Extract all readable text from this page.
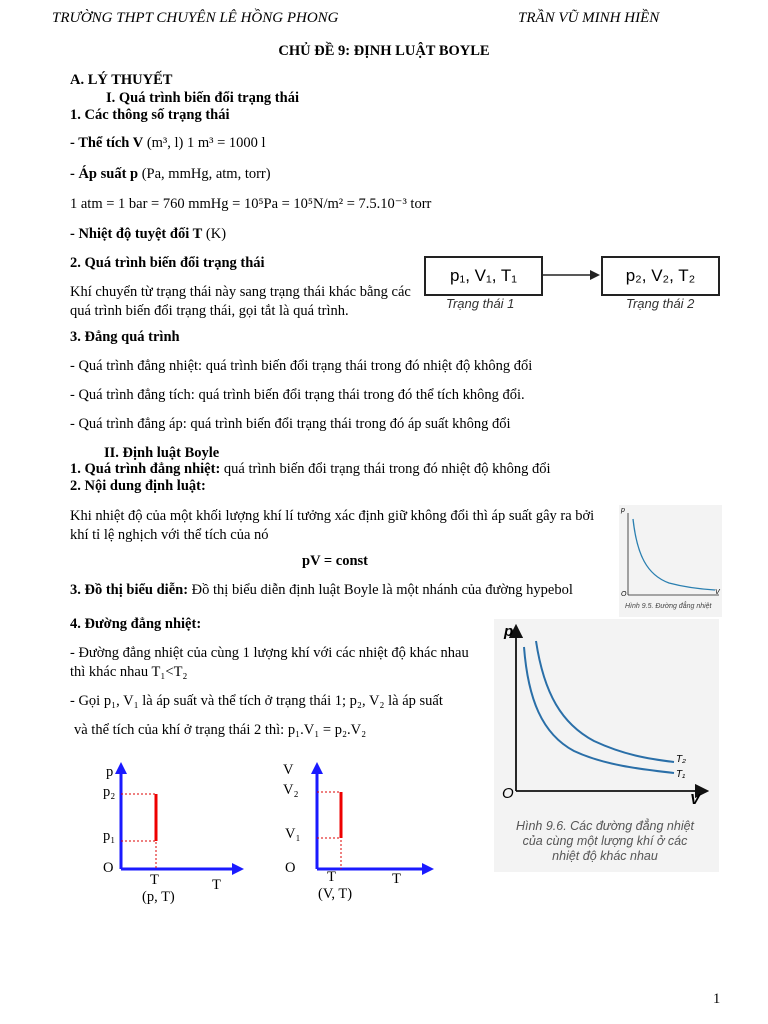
TRƯỜNG THPT CHUYÊN LÊ HỒNG PHONG	TRẦN VŨ MINH HIỀN
CHỦ ĐỀ 9: ĐỊNH LUẬT BOYLE
A. LÝ THUYẾT
I. Quá trình biến đổi trạng thái
1. Các thông số trạng thái
- Thể tích V (m³, l) 1 m³ = 1000 l
- Áp suất p (Pa, mmHg, atm, torr)
1 atm = 1 bar = 760 mmHg = 10⁵Pa = 10⁵N/m² = 7.5.10⁻³ torr
- Nhiệt độ tuyệt đối T (K)
2. Quá trình biến đổi trạng thái
Khí chuyển từ trạng thái này sang trạng thái khác bằng các quá trình biến đổi trạng thái, gọi tắt là quá trình.
p₁, V₁, T₁	p₂, V₂, T₂
Trạng thái 1	Trạng thái 2
3. Đẳng quá trình
- Quá trình đẳng nhiệt: quá trình biến đổi trạng thái trong đó nhiệt độ không đổi
- Quá trình đẳng tích: quá trình biến đổi trạng thái trong đó thể tích không đổi.
- Quá trình đẳng áp: quá trình biến đổi trạng thái trong đó áp suất không đổi
II. Định luật Boyle
1. Quá trình đẳng nhiệt: quá trình biến đổi trạng thái trong đó nhiệt độ không đổi
2. Nội dung định luật:
Khi nhiệt độ của một khối lượng khí lí tưởng xác định giữ không đổi thì áp suất gây ra bởi khí tỉ lệ nghịch với thể tích của nó
pV = const
3. Đồ thị biểu diễn: Đồ thị biểu diễn định luật Boyle là một nhánh của đường hypebol
4. Đường đẳng nhiệt:
- Đường đẳng nhiệt của cùng 1 lượng khí với các nhiệt độ khác nhau thì khác nhau T₁<T₂
- Gọi p₁, V₁ là áp suất và thể tích ở trạng thái 1; p₂, V₂ là áp suất
và thể tích của khí ở trạng thái 2 thì: p₁.V₁ = p₂.V₂
p
V
O
Hình 9.5. Đường đẳng nhiệt
p
V
O
T₂
T₁
Hình 9.6. Các đường đẳng nhiệt
của cùng một lượng khí ở các
nhiệt độ khác nhau
p
p₂
p₁
O
T	T
(p, T)
V
V₂
V₁
O
T	T
(V, T)
1
